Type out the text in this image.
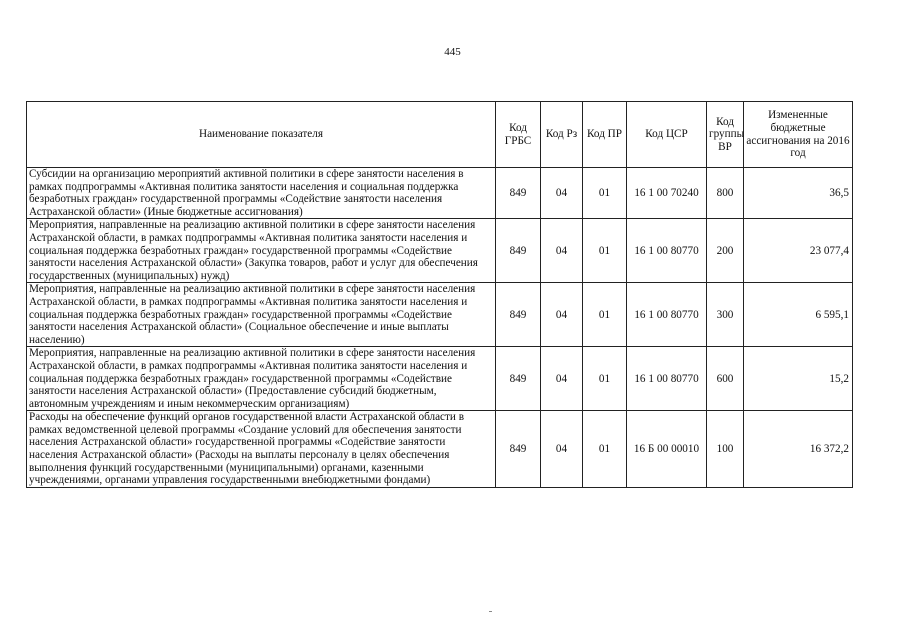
445
Наименование показателя	Код ГРБС	Код Рз	Код ПР	Код ЦСР	Код группы ВР	Измененные бюджетные ассигнования на 2016 год
Субсидии на организацию мероприятий активной политики в сфере занятости населения в рамках подпрограммы «Активная политика занятости населения и социальная поддержка безработных граждан» государственной программы «Содействие занятости населения Астраханской области» (Иные бюджетные ассигнования)	849	04	01	16 1 00 70240	800	36,5
Мероприятия, направленные на реализацию активной политики в сфере занятости населения Астраханской области, в рамках подпрограммы «Активная политика занятости населения и социальная поддержка безработных граждан» государственной программы «Содействие занятости населения Астраханской области» (Закупка товаров, работ и услуг для обеспечения государственных (муниципальных) нужд)	849	04	01	16 1 00 80770	200	23 077,4
Мероприятия, направленные на реализацию активной политики в сфере занятости населения Астраханской области, в рамках подпрограммы «Активная политика занятости населения и социальная поддержка безработных граждан» государственной программы «Содействие занятости населения Астраханской области» (Социальное обеспечение и иные выплаты населению)	849	04	01	16 1 00 80770	300	6 595,1
Мероприятия, направленные на реализацию активной политики в сфере занятости населения Астраханской области, в рамках подпрограммы «Активная политика занятости населения и социальная поддержка безработных граждан» государственной программы «Содействие занятости населения Астраханской области» (Предоставление субсидий бюджетным, автономным учреждениям и иным некоммерческим организациям)	849	04	01	16 1 00 80770	600	15,2
Расходы на обеспечение функций органов государственной власти Астраханской области в рамках ведомственной целевой программы «Создание условий для обеспечения занятости населения Астраханской области» государственной программы «Содействие занятости населения Астраханской области» (Расходы на выплаты персоналу в целях обеспечения выполнения функций государственными (муниципальными) органами, казенными учреждениями, органами управления государственными внебюджетными фондами)	849	04	01	16 Б 00 00010	100	16 372,2
